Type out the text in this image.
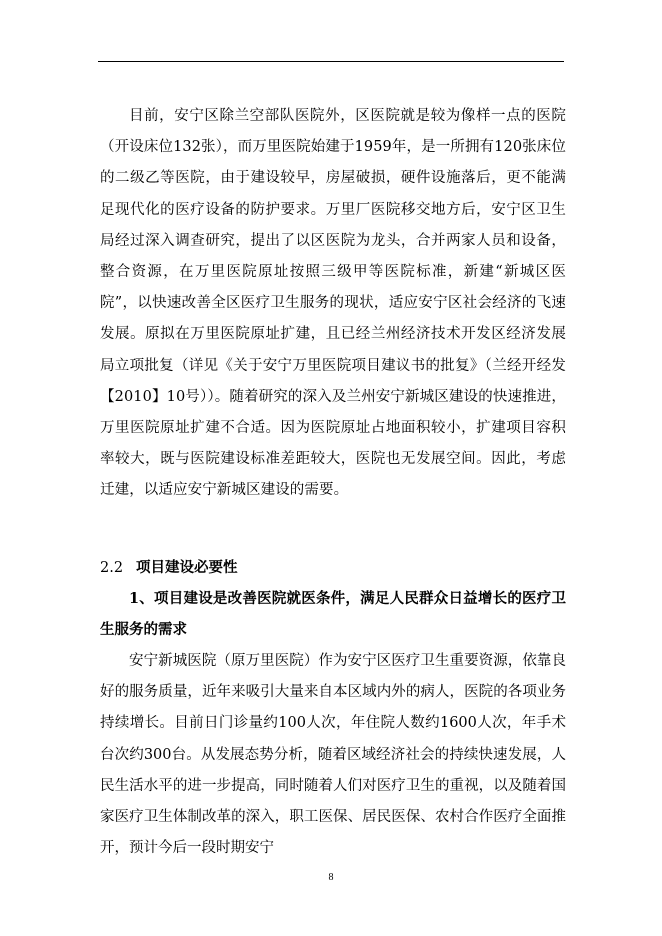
目前，安宁区除兰空部队医院外，区医院就是较为像样一点的医院（开设床位132张），而万里医院始建于1959年，是一所拥有120张床位的二级乙等医院，由于建设较早，房屋破损，硬件设施落后，更不能满足现代化的医疗设备的防护要求。万里厂医院移交地方后，安宁区卫生局经过深入调查研究，提出了以区医院为龙头，合并两家人员和设备，整合资源，在万里医院原址按照三级甲等医院标准，新建“新城区医院”，以快速改善全区医疗卫生服务的现状，适应安宁区社会经济的飞速发展。原拟在万里医院原址扩建，且已经兰州经济技术开发区经济发展局立项批复（详见《关于安宁万里医院项目建议书的批复》（兰经开经发【2010】10号））。随着研究的深入及兰州安宁新城区建设的快速推进，万里医院原址扩建不合适。因为医院原址占地面积较小，扩建项目容积率较大，既与医院建设标准差距较大，医院也无发展空间。因此，考虑迁建，以适应安宁新城区建设的需要。

2.2 项目建设必要性

1、项目建设是改善医院就医条件，满足人民群众日益增长的医疗卫生服务的需求

安宁新城医院（原万里医院）作为安宁区医疗卫生重要资源，依靠良好的服务质量，近年来吸引大量来自本区域内外的病人，医院的各项业务持续增长。目前日门诊量约100人次，年住院人数约1600人次，年手术台次约300台。从发展态势分析，随着区域经济社会的持续快速发展，人民生活水平的进一步提高，同时随着人们对医疗卫生的重视，以及随着国家医疗卫生体制改革的深入，职工医保、居民医保、农村合作医疗全面推开，预计今后一段时期安宁

8
